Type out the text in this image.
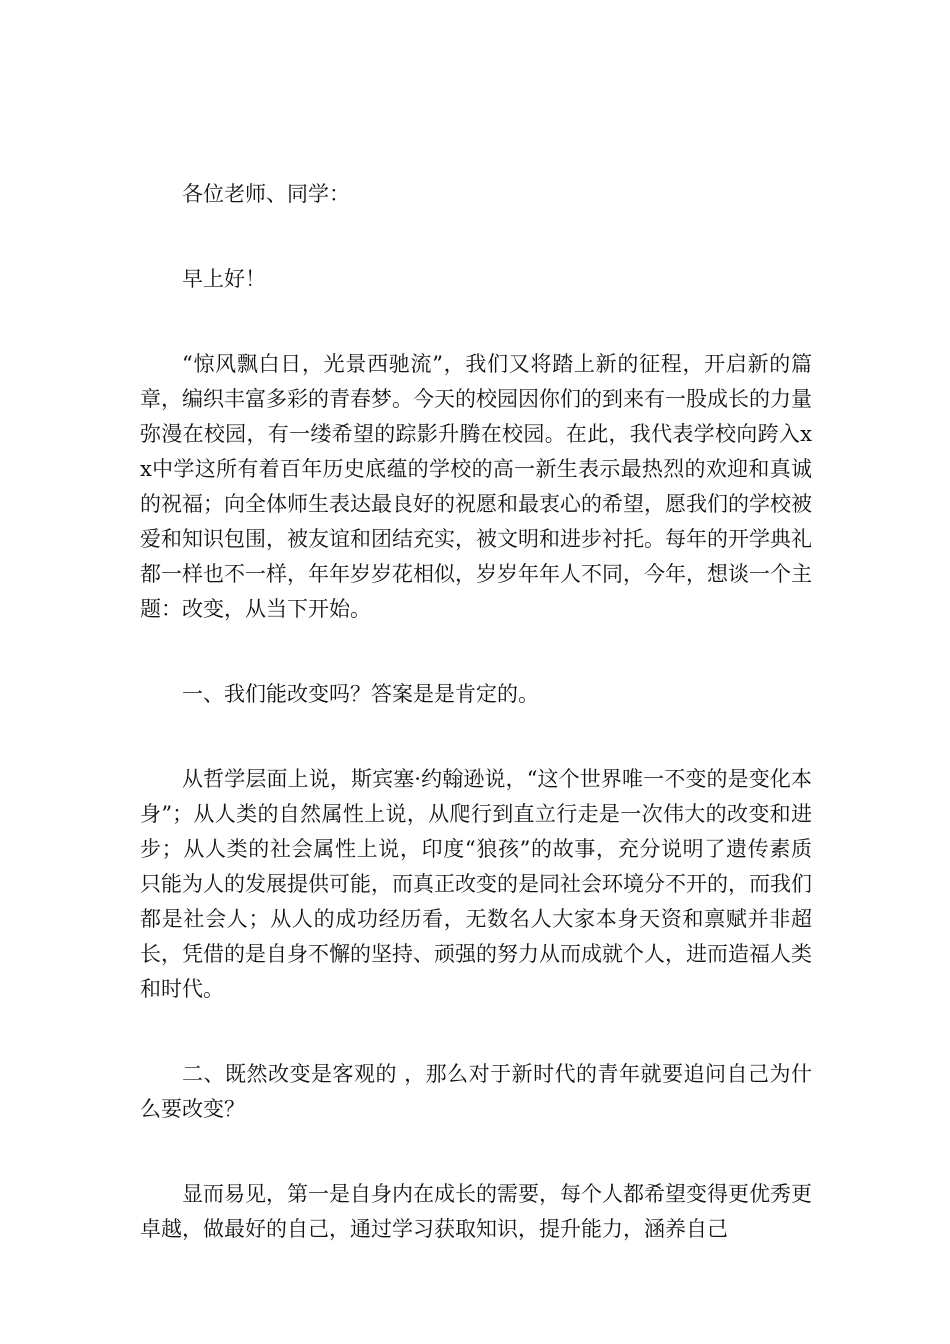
各位老师、同学：

早上好！

“惊风飘白日，光景西驰流”，我们又将踏上新的征程，开启新的篇章，编织丰富多彩的青春梦。今天的校园因你们的到来有一股成长的力量弥漫在校园，有一缕希望的踪影升腾在校园。在此，我代表学校向跨入xx中学这所有着百年历史底蕴的学校的高一新生表示最热烈的欢迎和真诚的祝福；向全体师生表达最良好的祝愿和最衷心的希望，愿我们的学校被爱和知识包围，被友谊和团结充实，被文明和进步衬托。每年的开学典礼都一样也不一样，年年岁岁花相似，岁岁年年人不同，今年，想谈一个主题：改变，从当下开始。

一、我们能改变吗？答案是是肯定的。

从哲学层面上说，斯宾塞·约翰逊说，“这个世界唯一不变的是变化本身”；从人类的自然属性上说，从爬行到直立行走是一次伟大的改变和进步；从人类的社会属性上说，印度“狼孩”的故事，充分说明了遗传素质只能为人的发展提供可能，而真正改变的是同社会环境分不开的，而我们都是社会人；从人的成功经历看，无数名人大家本身天资和禀赋并非超长，凭借的是自身不懈的坚持、顽强的努力从而成就个人，进而造福人类和时代。

二、既然改变是客观的 ，那么对于新时代的青年就要追问自己为什么要改变？

显而易见，第一是自身内在成长的需要，每个人都希望变得更优秀更卓越，做最好的自己，通过学习获取知识，提升能力，涵养自己
